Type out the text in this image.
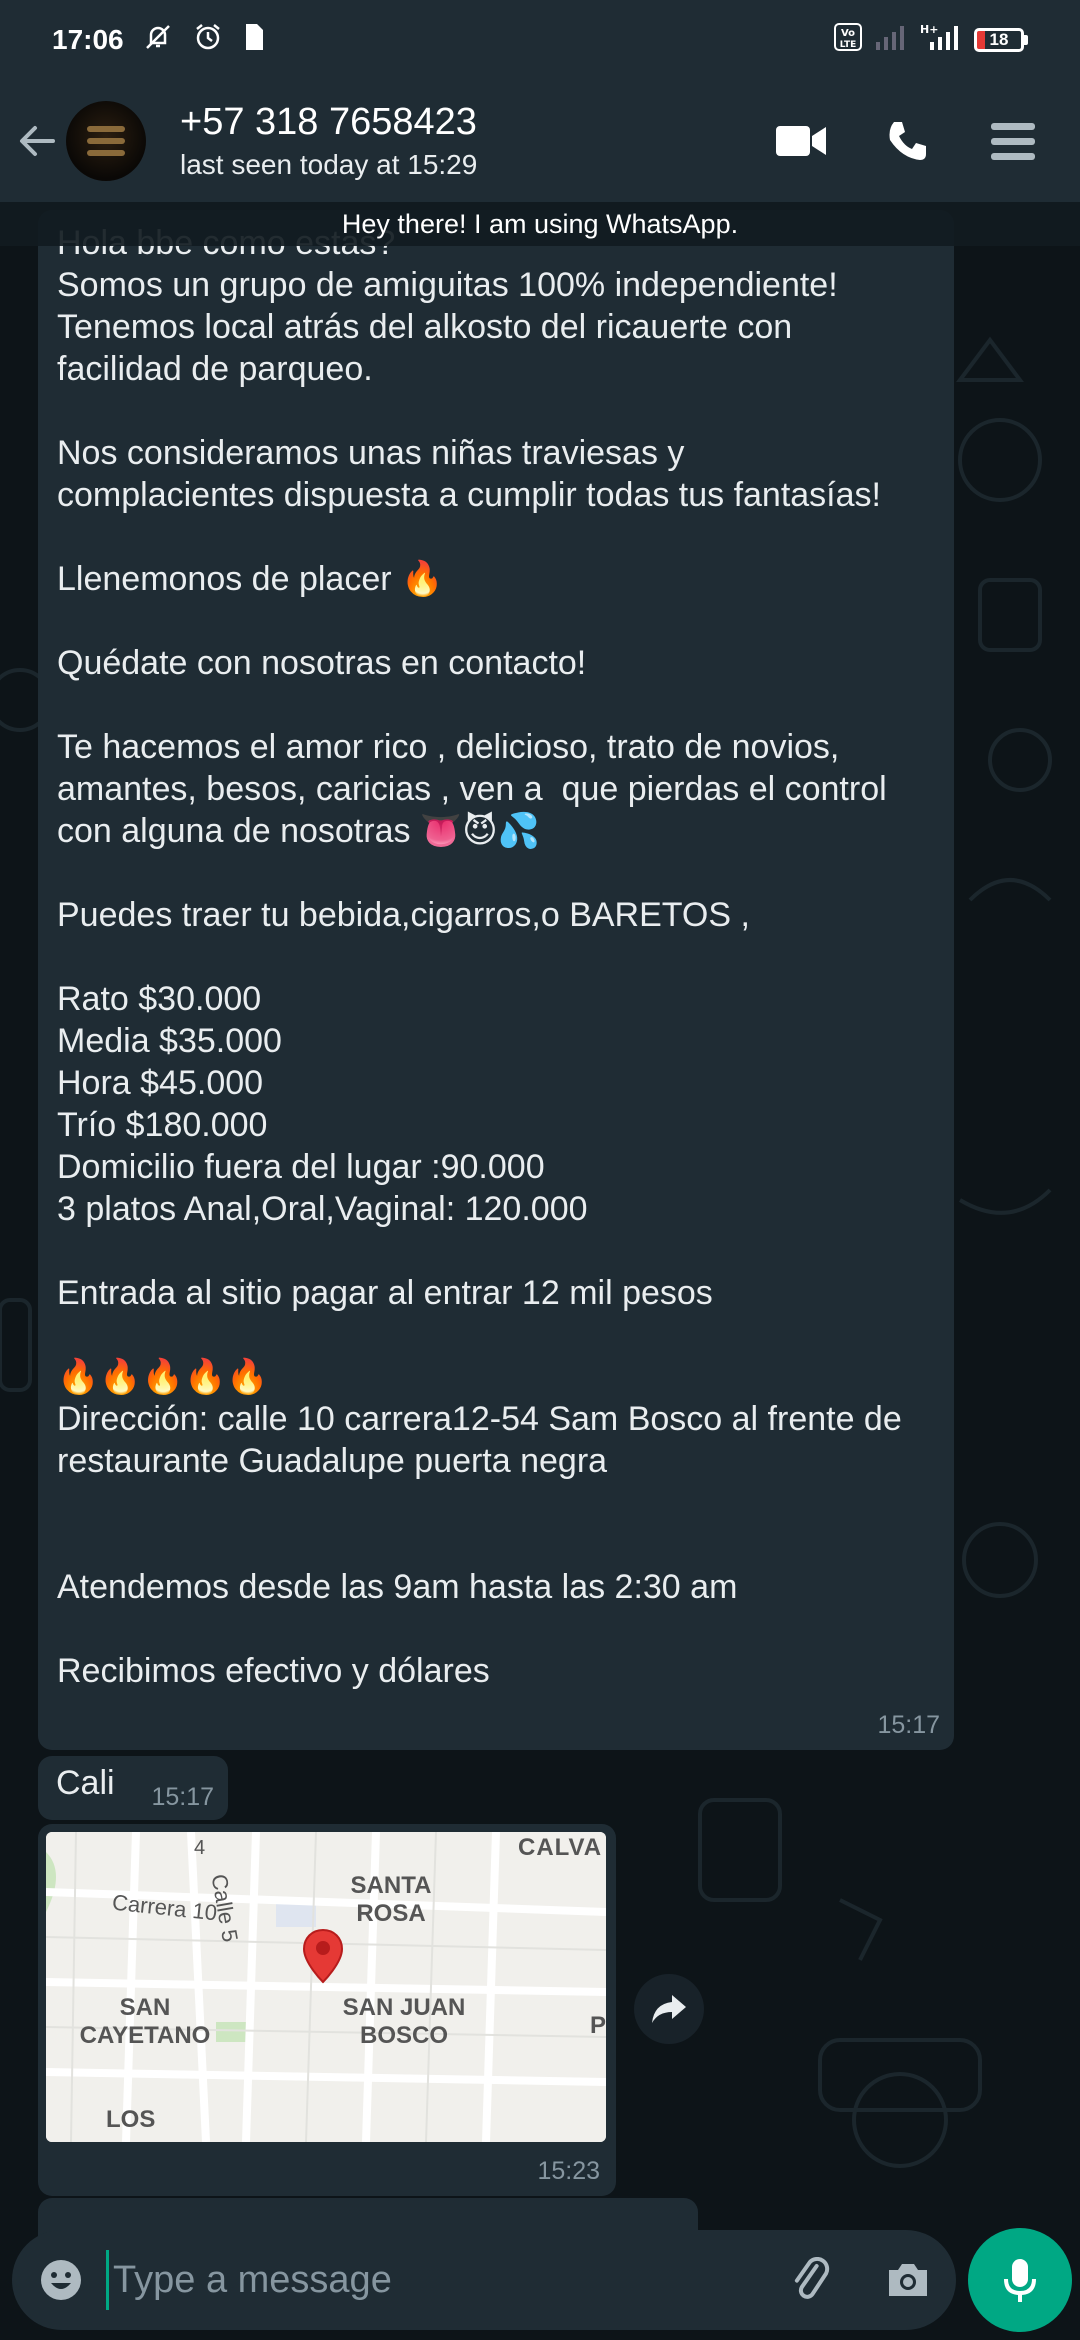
17:06	Vo
LTE
H+
18
+57 318 7658423
last seen today at 15:29
Somos un grupo de amiguitas 100% independiente!
Tenemos local atrás del alkosto del ricauerte con
facilidad de parqueo.
Nos consideramos unas niñas traviesas y
complacientes dispuesta a cumplir todas tus fantasías!
Llenemonos de placer 🔥
Quédate con nosotras en contacto!
Te hacemos el amor rico , delicioso, trato de novios,
amantes, besos, caricias , ven a  que pierdas el control
con alguna de nosotras 👅😈💦
Puedes traer tu bebida,cigarros,o BARETOS ,
Rato $30.000
Media $35.000
Hora $45.000
Trío $180.000
Domicilio fuera del lugar :90.000
3 platos Anal,Oral,Vaginal: 120.000
Entrada al sitio pagar al entrar 12 mil pesos
🔥🔥🔥🔥🔥
Dirección: calle 10 carrera12-54 Sam Bosco al frente de
restaurante Guadalupe puerta negra
Atendemos desde las 9am hasta las 2:30 am
Recibimos efectivo y dólares
15:17
Hey there! I am using WhatsApp.
Cali 15:17
CALVA
4
Carrera 10
Calle 5	SANTA ROSA
SAN CAYETANO
SAN JUAN BOSCO
LOS
P
15:23
Type a message
